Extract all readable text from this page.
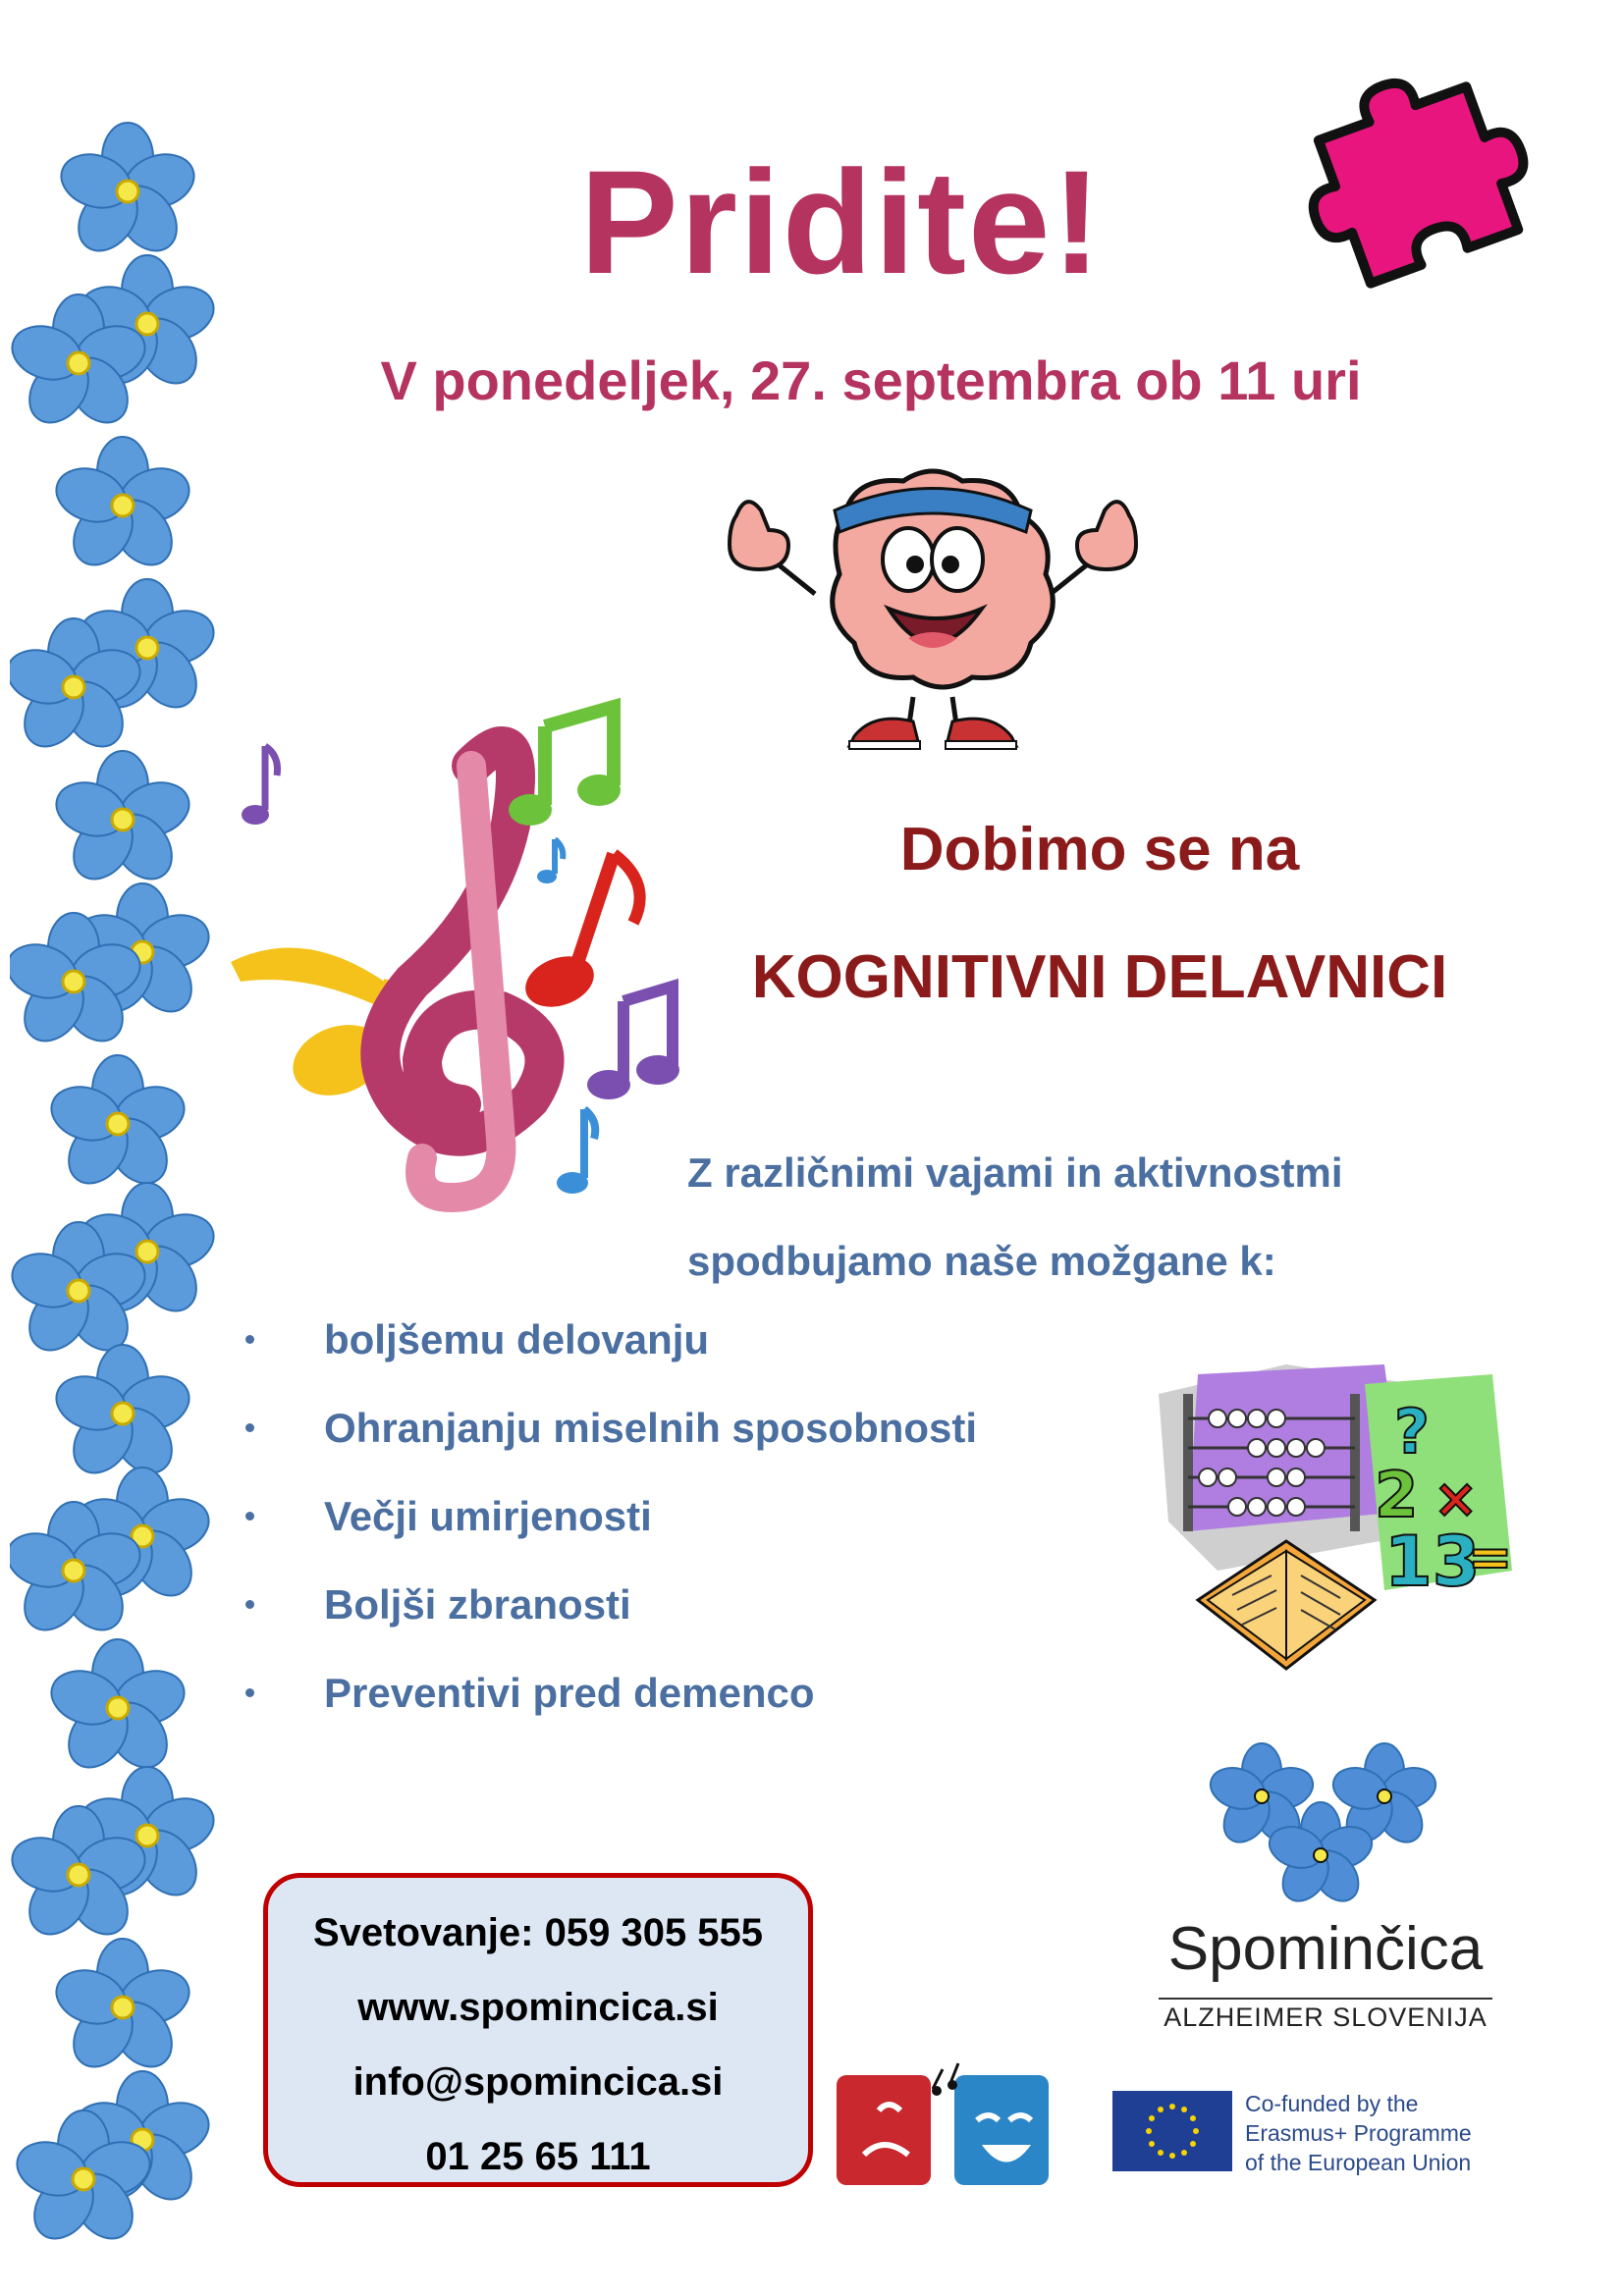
Pridite!
V ponedeljek, 27. septembra ob 11 uri
Dobimo se na
KOGNITIVNI DELAVNICI
Z različnimi vajami in aktivnostmi
spodbujamo naše možgane k:
boljšemu delovanju
Ohranjanju miselnih sposobnosti
Večji umirjenosti
Boljši zbranosti
Preventivi pred demenco
?
2 ×
13
=
Spominčica
ALZHEIMER SLOVENIJA
Svetovanje: 059 305 555
www.spomincica.si
info@spomincica.si
01 25 65 111
Co-funded by the
Erasmus+ Programme
of the European Union
